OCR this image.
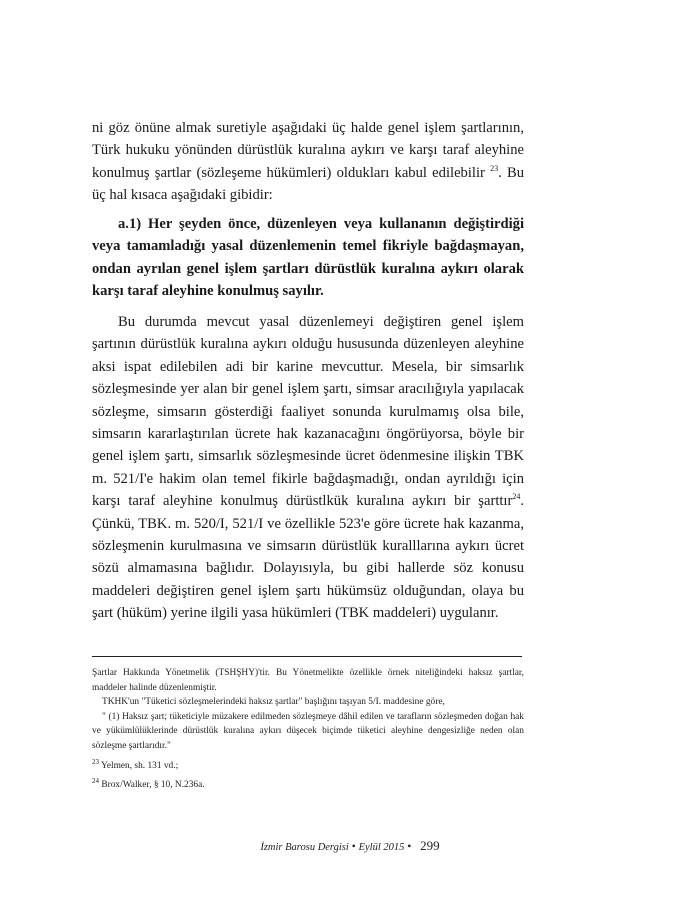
ni göz önüne almak suretiyle aşağıdaki üç halde genel işlem şartlarının, Türk hukuku yönünden dürüstlük kuralına aykırı ve karşı taraf aleyhine konulmuş şartlar (sözleşeme hükümleri) oldukları kabul edilebilir $^{23}$. Bu üç hal kısaca aşağıdaki gibidir:

a.1) Her şeyden önce, düzenleyen veya kullananın değiştirdiği veya tamamladığı yasal düzenlemenin temel fikriyle bağdaşmayan, ondan ayrılan genel işlem şartları dürüstlük kuralına aykırı olarak karşı taraf aleyhine konulmuş sayılır.

Bu durumda mevcut yasal düzenlemeyi değiştiren genel işlem şartının dürüstlük kuralına aykırı olduğu hususunda düzenleyen aleyhine aksi ispat edilebilen adi bir karine mevcuttur. Mesela, bir simsarlık sözleşmesinde yer alan bir genel işlem şartı, simsar aracılığıyla yapılacak sözleşme, simsarın gösterdiği faaliyet sonunda kurulmamış olsa bile, simsarın kararlaştırılan ücrete hak kazanacağını öngörüyorsa, böyle bir genel işlem şartı, simsarlık sözleşmesinde ücret ödenmesine ilişkin TBK m. 521/I'e hakim olan temel fikirle bağdaşmadığı, ondan ayrıldığı için karşı taraf aleyhine konulmuş dürüstlkük kuralına aykırı bir şarttır$^{24}$. Çünkü, TBK. m. 520/I, 521/I ve özellikle 523'e göre ücrete hak kazanma, sözleşmenin kurulmasına ve simsarın dürüstlük kuralllarına aykırı ücret sözü almamasına bağlıdır. Dolayısıyla, bu gibi hallerde söz konusu maddeleri değiştiren genel işlem şartı hükümsüz olduğundan, olaya bu şart (hüküm) yerine ilgili yasa hükümleri (TBK maddeleri) uygulanır.

Şartlar Hakkında Yönetmelik (TSHŞHY)'tir. Bu Yönetmelikte özellikle örnek niteliğindeki haksız şartlar, maddeler halinde düzenlenmiştir.

TKHK'un "Tüketici sözleşmelerindeki haksız şartlar" başlığını taşıyan 5/I. maddesine göre,

" (1) Haksız şart; tüketiciyle müzakere edilmeden sözleşmeye dâhil edilen ve tarafların sözleşmeden doğan hak ve yükümlülüklerinde dürüstlük kuralına aykırı düşecek biçimde tüketici aleyhine dengesizliğe neden olan sözleşme şartlarıdır."

$^{23}$ Yelmen, sh. 131 vd.;

$^{24}$ Brox/Walker, § 10, N.236a.

İzmir Barosu Dergisi • Eylül 2015 • 299
